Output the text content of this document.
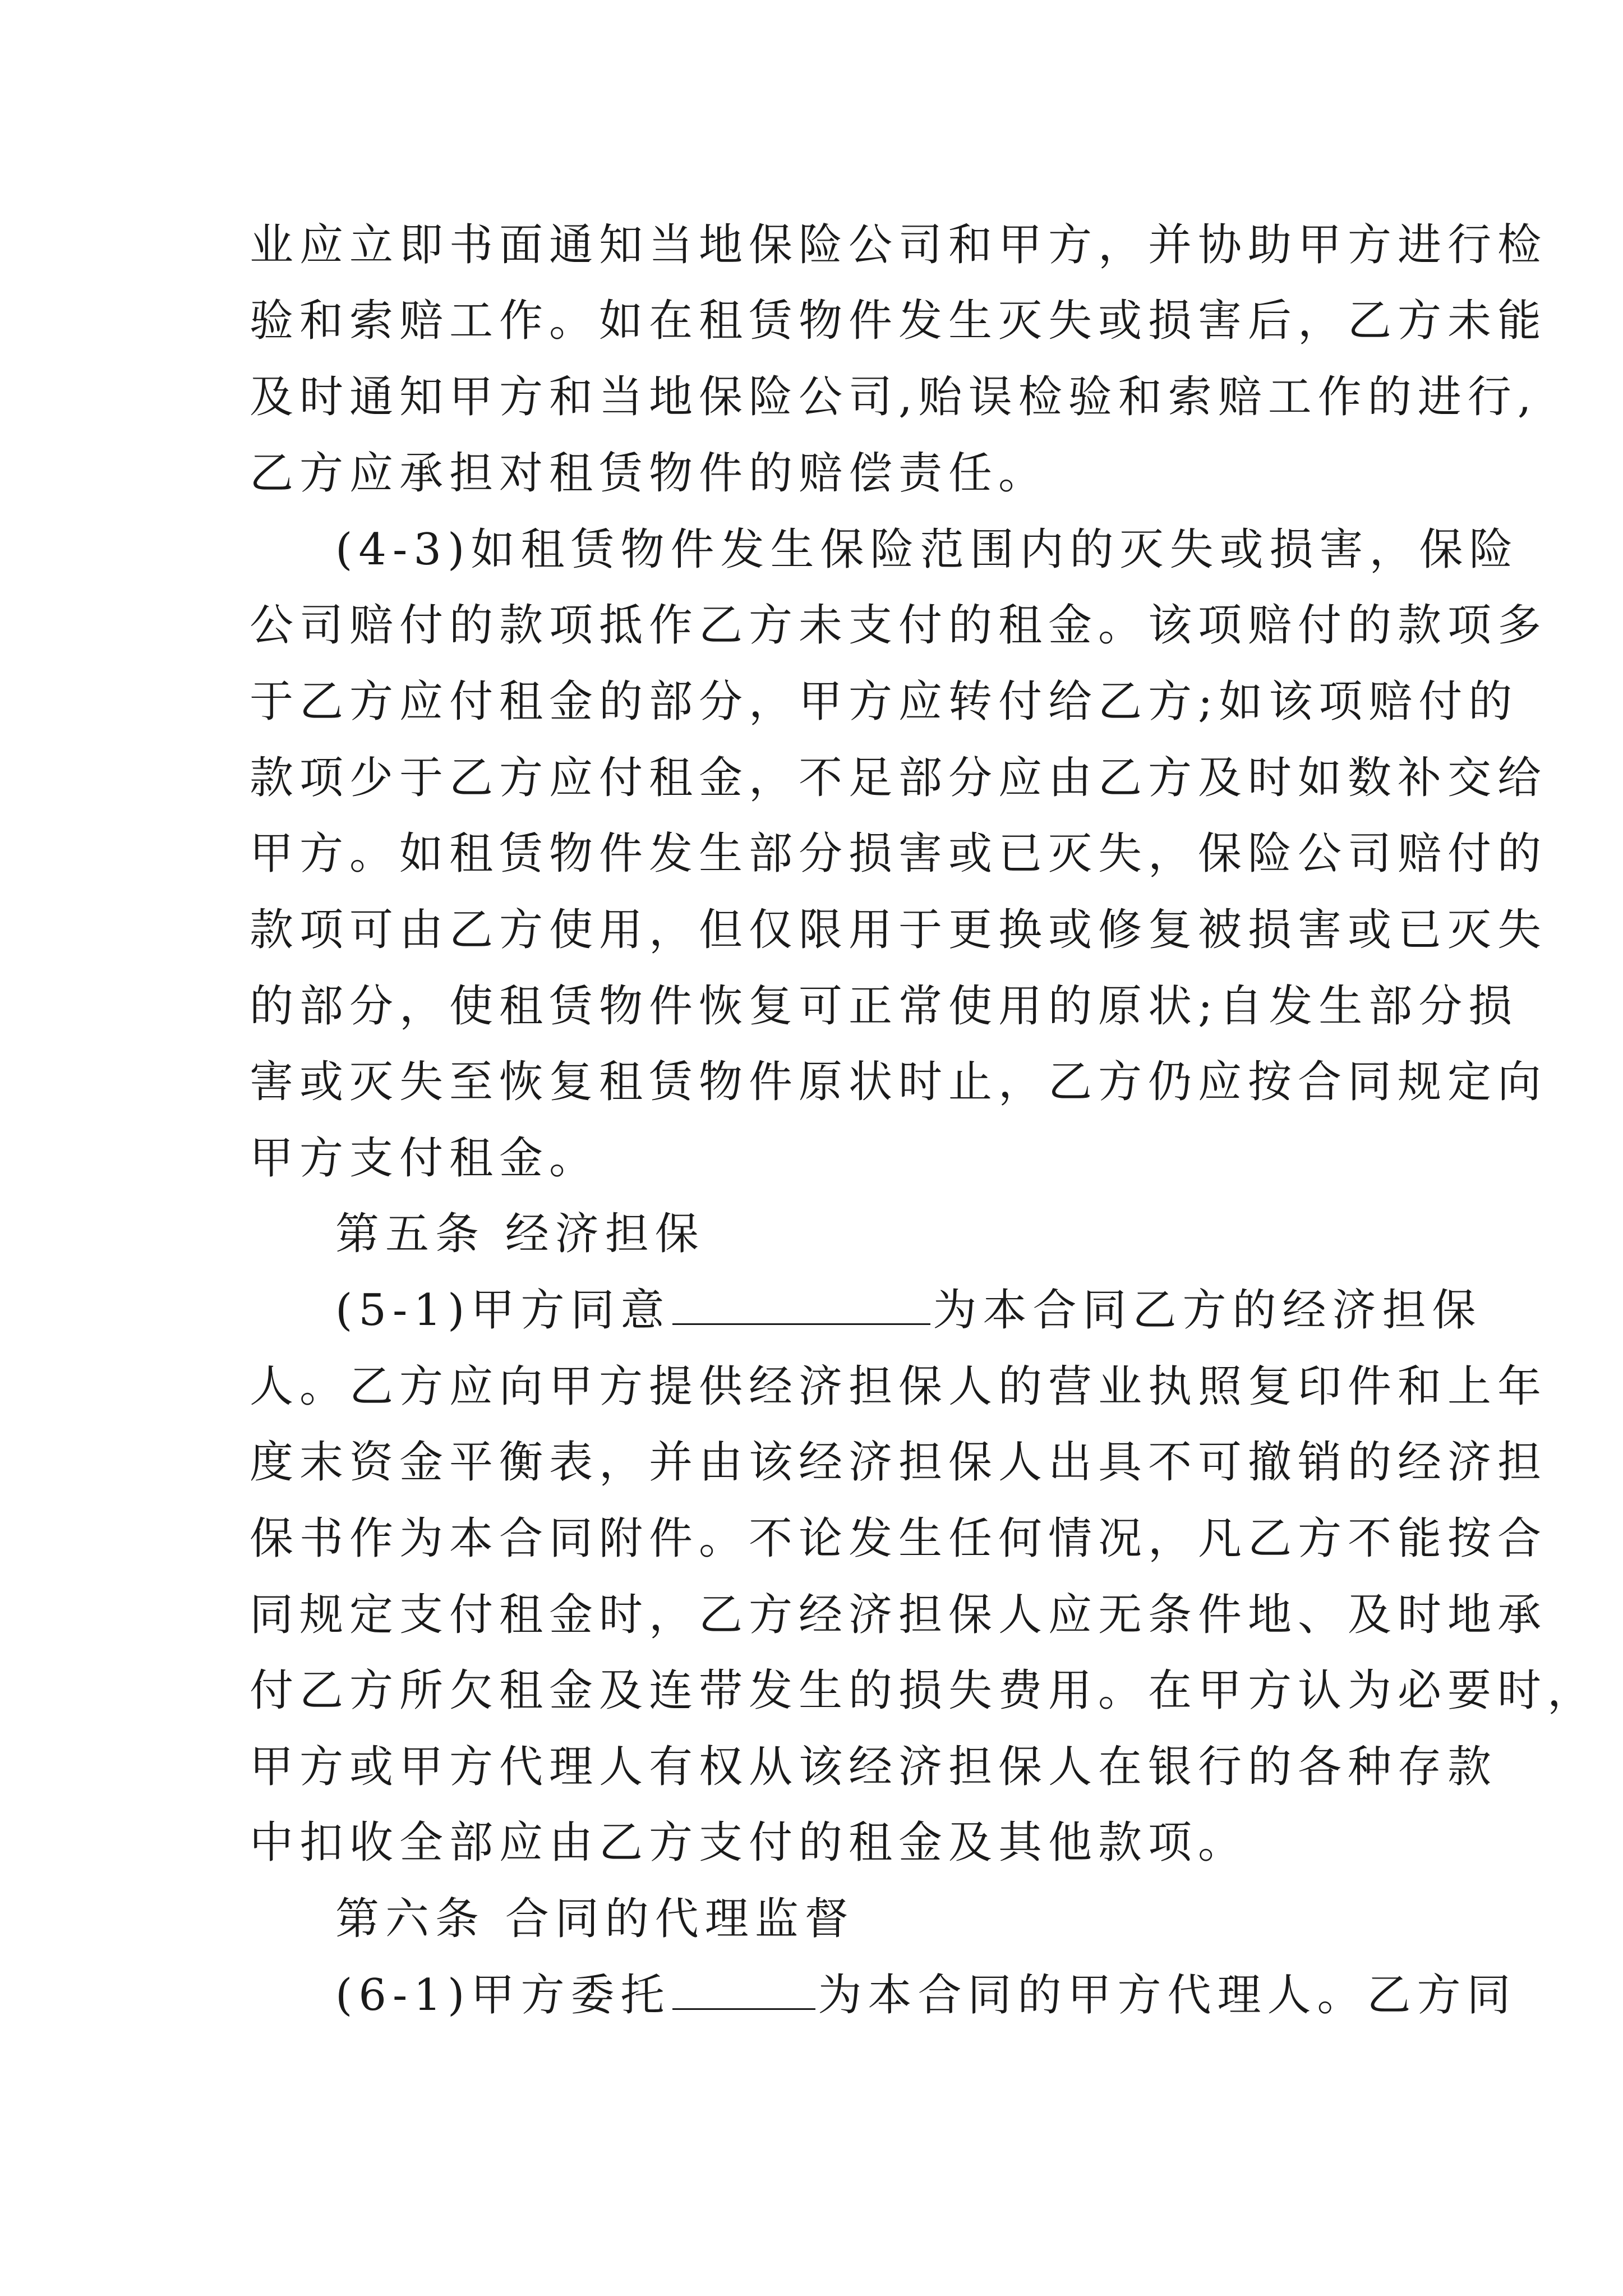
业应立即书面通知当地保险公司和甲方，并协助甲方进行检
验和索赔工作。如在租赁物件发生灭失或损害后，乙方未能
及时通知甲方和当地保险公司,贻误检验和索赔工作的进行,
乙方应承担对租赁物件的赔偿责任。
(4-3)如租赁物件发生保险范围内的灭失或损害，保险
公司赔付的款项抵作乙方未支付的租金。该项赔付的款项多
于乙方应付租金的部分，甲方应转付给乙方;如该项赔付的
款项少于乙方应付租金，不足部分应由乙方及时如数补交给
甲方。如租赁物件发生部分损害或已灭失，保险公司赔付的
款项可由乙方使用，但仅限用于更换或修复被损害或已灭失
的部分，使租赁物件恢复可正常使用的原状;自发生部分损
害或灭失至恢复租赁物件原状时止，乙方仍应按合同规定向
甲方支付租金。
第五条 经济担保
(5-1)甲方同意	为本合同乙方的经济担保
人。乙方应向甲方提供经济担保人的营业执照复印件和上年
度末资金平衡表，并由该经济担保人出具不可撤销的经济担
保书作为本合同附件。不论发生任何情况，凡乙方不能按合
同规定支付租金时，乙方经济担保人应无条件地、及时地承
付乙方所欠租金及连带发生的损失费用。在甲方认为必要时，
甲方或甲方代理人有权从该经济担保人在银行的各种存款
中扣收全部应由乙方支付的租金及其他款项。
第六条 合同的代理监督
(6-1)甲方委托	为本合同的甲方代理人。乙方同
